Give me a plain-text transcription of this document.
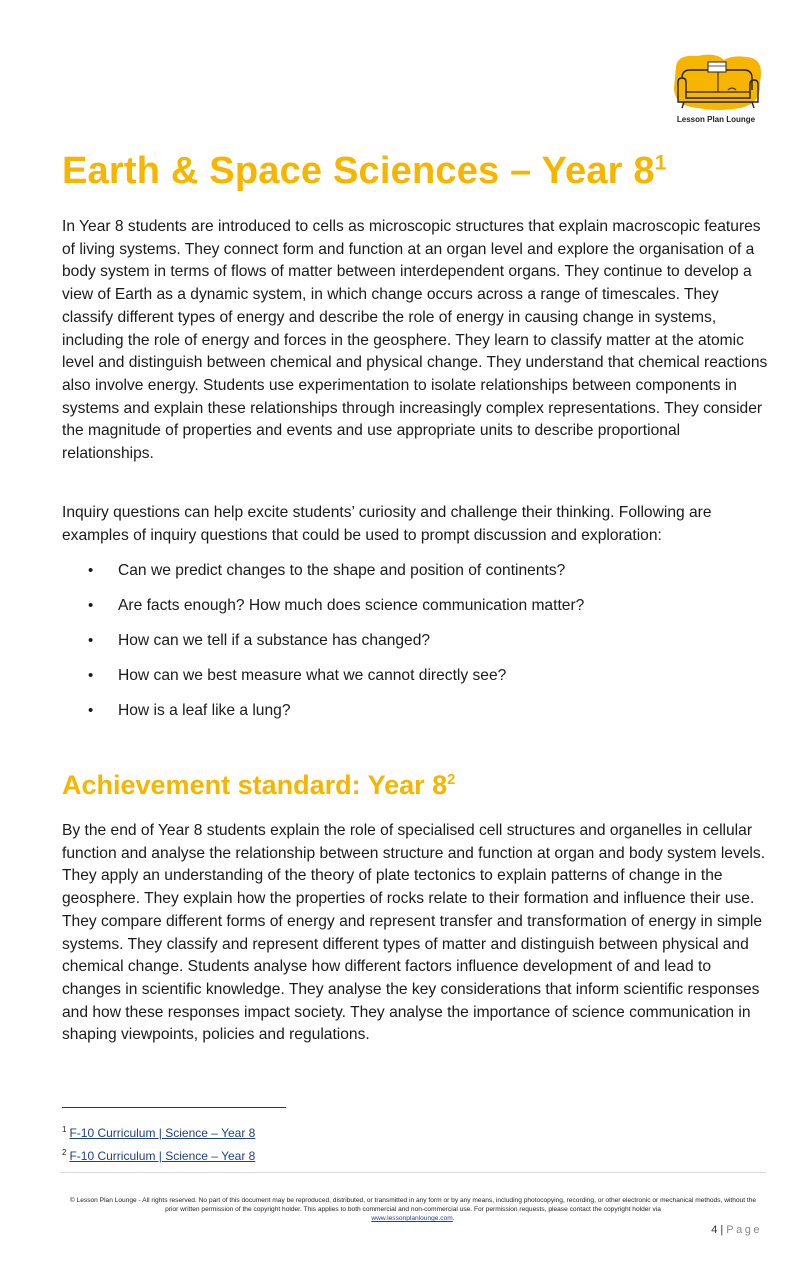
Lesson Plan Lounge
Earth & Space Sciences – Year $8^1$

In Year 8 students are introduced to cells as microscopic structures that explain macroscopic features of living systems. They connect form and function at an organ level and explore the organisation of a body system in terms of flows of matter between interdependent organs. They continue to develop a view of Earth as a dynamic system, in which change occurs across a range of timescales. They classify different types of energy and describe the role of energy in causing change in systems, including the role of energy and forces in the geosphere. They learn to classify matter at the atomic level and distinguish between chemical and physical change. They understand that chemical reactions also involve energy. Students use experimentation to isolate relationships between components in systems and explain these relationships through increasingly complex representations. They consider the magnitude of properties and events and use appropriate units to describe proportional relationships.

Inquiry questions can help excite students’ curiosity and challenge their thinking. Following are examples of inquiry questions that could be used to prompt discussion and exploration:

• Can we predict changes to the shape and position of continents?
• Are facts enough? How much does science communication matter?
• How can we tell if a substance has changed?
• How can we best measure what we cannot directly see?
• How is a leaf like a lung?
Achievement standard: Year $8^2$

By the end of Year 8 students explain the role of specialised cell structures and organelles in cellular function and analyse the relationship between structure and function at organ and body system levels. They apply an understanding of the theory of plate tectonics to explain patterns of change in the geosphere. They explain how the properties of rocks relate to their formation and influence their use. They compare different forms of energy and represent transfer and transformation of energy in simple systems. They classify and represent different types of matter and distinguish between physical and chemical change. Students analyse how different factors influence development of and lead to changes in scientific knowledge. They analyse the key considerations that inform scientific responses and how these responses impact society. They analyse the importance of science communication in shaping viewpoints, policies and regulations.

$^1$ F-10 Curriculum | Science – Year 8
$^2$ F-10 Curriculum | Science – Year 8
© Lesson Plan Lounge - All rights reserved. No part of this document may be reproduced, distributed, or transmitted in any form or by any means, including photocopying, recording, or other electronic or mechanical methods, without the prior written permission of the copyright holder. This applies to both commercial and non-commercial use. For permission requests, please contact the copyright holder via
www.lessonplanlounge.com.
4 | Page
